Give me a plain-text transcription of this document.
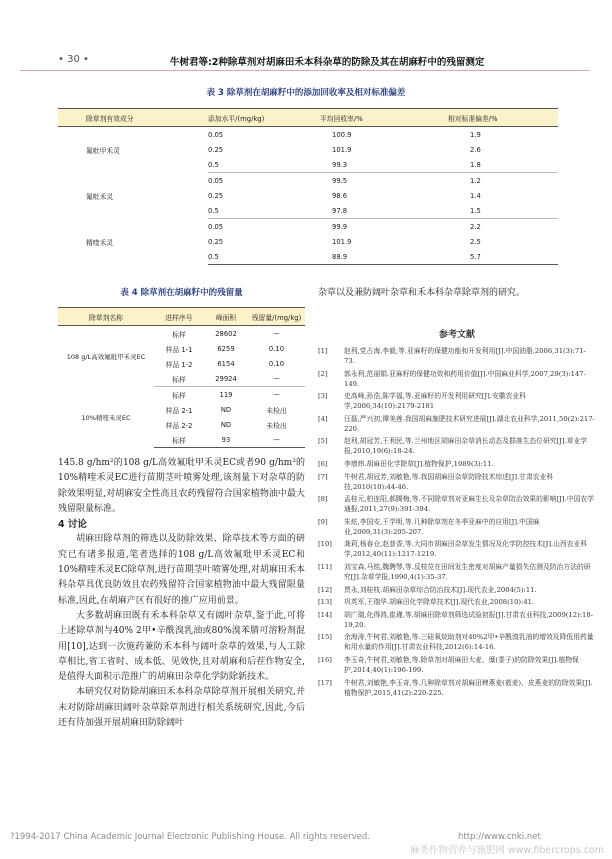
• 30 •	牛树君等:2种除草剂对胡麻田禾本科杂草的防除及其在胡麻籽中的残留测定
表 3 除草剂在胡麻籽中的添加回收率及相对标准偏差
除草剂有效成分	添加水平/(mg/kg)	平均回收率/%	相对标准偏差/%
氟吡甲禾灵	0.05	100.9	1.9
	0.25	101.9	2.6
	0.5	99.3	1.8
氟吡禾灵	0.05	99.5	1.2
	0.25	98.6	1.4
	0.5	97.8	1.5
精喹禾灵	0.05	99.9	2.2
	0.25	101.9	2.5
	0.5	88.9	5.7
表 4 除草剂在胡麻籽中的残留量
除草剂名称	进样序号	峰面积	残留量/(mg/kg)
108 g/L高效氟吡甲禾灵EC	标样	28602	—
	样品 1-1	6259	0.10
	样品 1-2	6154	0.10
	标样	29924	—
10%精喹禾灵EC	标样	119	—
	样品 2-1	ND	未检出
	样品 2-2	ND	未检出
	标样	93	—

145.8 g/hm²的108 g/L高效氟吡甲禾灵EC或者90 g/hm²的10%精喹禾灵EC进行苗期茎叶喷雾处理,该剂量下对杂草的防除效果明显,对胡麻安全性高且农药残留符合国家植物油中最大残留限量标准。

4 讨论

胡麻田除草剂的筛选以及防除效果、除草技术等方面的研究已有诸多报道,笔者选择的108 g/L高效氟吡甲禾灵EC和10%精喹禾灵EC除草剂,进行苗期茎叶喷雾处理,对胡麻田禾本科杂草具优良防效且农药残留符合国家植物油中最大残留限量标准,因此,在胡麻产区有很好的推广应用前景。

大多数胡麻田既有禾本科杂草又有阔叶杂草,鉴于此,可将上述除草剂与40% 2甲•辛酰溴乳油或80%溴苯腈可溶粉剂混用[10],达到一次施药兼防禾本科与阔叶杂草的效果,与人工除草相比,省工省时、成本低、见效快,且对胡麻和后茬作物安全,是值得大面积示范推广的胡麻田杂草化学防除新技术。

本研究仅对防除胡麻田禾本科杂草除草剂开展相关研究,并未对防除胡麻田阔叶杂草除草剂进行相关系统研究,因此,今后还有待加强开展胡麻田防除阔叶

杂草以及兼防阔叶杂草和禾本科杂草除草剂的研究。

参考文献
[1]	赵利,党占海,李毅,等.亚麻籽的保健功能和开发利用[J].中国油脂,2006,31(3):71-73.
[2]	郭永利,范丽娟.亚麻籽的保健功效和药用价值[J].中国麻业科学,2007,29(3):147-149.
[3]	史高峰,孙浩,陈学福,等.亚麻籽的开发利用研究[J].安徽农业科学,2006,34(10):2179-2181
[4]	汪磊,严兴初,谭美莲.我国胡麻施肥技术研究进展[J].湖北农业科学,2011,50(2):217-220.
[5]	赵利,胡冠芳,王利民,等.兰州地区胡麻田杂草消长动态及群落生态位研究[J].草业学报,2010,19(6):18-24.
[6]	李增炜.胡麻田化学除草[J].植物保护,1989(3):11.
[7]	牛树君,胡冠芳,刘敏艳,等.我国胡麻田杂草防除技术综述[J].甘肃农业科技,2010(10):44-46.
[8]	孟桂元,柏连阳,郝腾梅,等.不同除草剂对亚麻生长及杂草防治效果的影响[J].中国农学通报,2011,27(9):391-394.
[9]	朱炫,李国安,王学明,等.几种除草剂在冬季亚麻中的应用[J].中国麻业,2009,31(3):205-207.
[10]	龚莉,杨春仓,赵普香,等.大同市胡麻田杂草发生情况及化学防控技术[J].山西农业科学,2012,40(11):1217-1219.
[11]	刘宝森,马铭,魏聘琴,等.反枝苋在田间发生密度对胡麻产量损失估测及防治方法的研究[J].杂草学报,1990,4(1):35-37.
[12]	贾永,刘桂枝.胡麻田杂草综合防治技术[J].现代农业,2004(5):11.
[13]	巩英军,王瑞华.胡麻田化学除草技术[J].现代农业,2008(10):41.
[14]	胡广瑞,化得鸿,崔瑾,等.胡麻田除草剂筛选试验初报[J].甘肃农业科技,2009(12):18-19,20.
[15]	余海涛,牛树君,刘敏艳,等.三硅氧烷助剂对40%2甲•辛酰溴乳油的增效及降低用药量和用水量的作用[J].甘肃农业科技,2012(6):14-16.
[16]	李玉奇,牛树君,刘敏艳,等.除草剂对胡麻田大麦、糜(黍子)的防除效果[J].植物保护,2014,40(1):196-199.
[17]	牛树君,刘敏艳,李玉奇,等.几种除草剂对胡麻田稗燕麦(莜麦)、皮燕麦的防除效果[J].植物保护,2015,41(2):220-225.
?1994-2017 China Academic Journal Electronic Publishing House. All rights reserved.	http://www.cnki.net
麻类作物营养与施肥网 www.fibercrops.com
